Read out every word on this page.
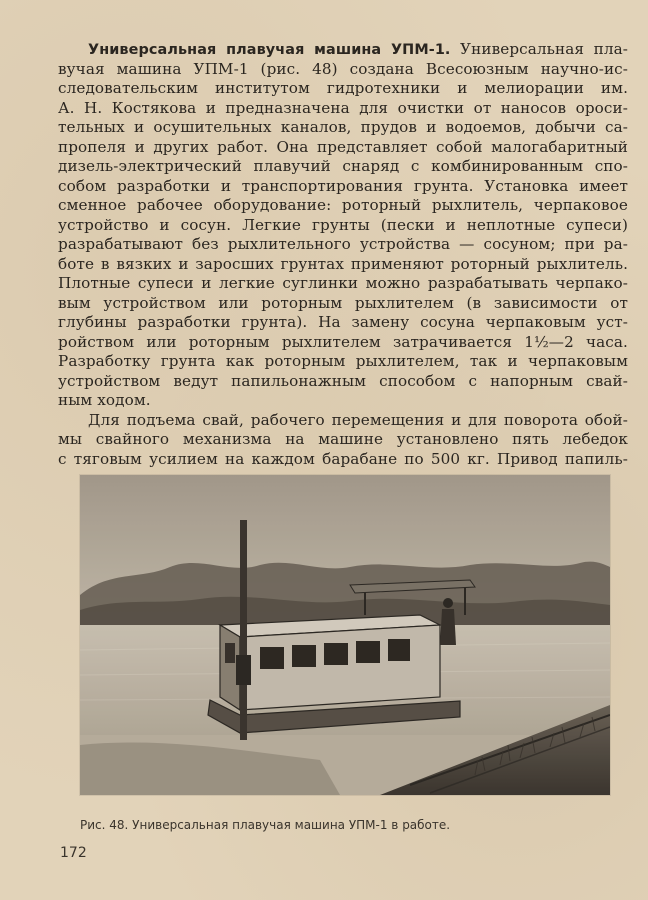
Универсальная плавучая машина УПМ-1. Универсальная пла-
вучая машина УПМ-1 (рис. 48) создана Всесоюзным научно-ис-
следовательским институтом гидротехники и мелиорации им.
А. Н. Костякова и предназначена для очистки от наносов ороси-
тельных и осушительных каналов, прудов и водоемов, добычи са-
пропеля и других работ. Она представляет собой малогабаритный
дизель-электрический плавучий снаряд с комбинированным спо-
собом разработки и транспортирования грунта. Установка имеет
сменное рабочее оборудование: роторный рыхлитель, черпаковое
устройство и сосун. Легкие грунты (пески и неплотные супеси)
разрабатывают без рыхлительного устройства — сосуном; при ра-
боте в вязких и заросших грунтах применяют роторный рыхлитель.
Плотные супеси и легкие суглинки можно разрабатывать черпако-
вым устройством или роторным рыхлителем (в зависимости от
глубины разработки грунта). На замену сосуна черпаковым уст-
ройством или роторным рыхлителем затрачивается 1½—2 часа.
Разработку грунта как роторным рыхлителем, так и черпаковым
устройством ведут папильонажным способом с напорным свай-
ным ходом.
Для подъема свай, рабочего перемещения и для поворота обой-
мы свайного механизма на машине установлено пять лебедок
с тяговым усилием на каждом барабане по 500 кг. Привод папиль-
Рис. 48. Универсальная плавучая машина УПМ-1 в работе.
172
